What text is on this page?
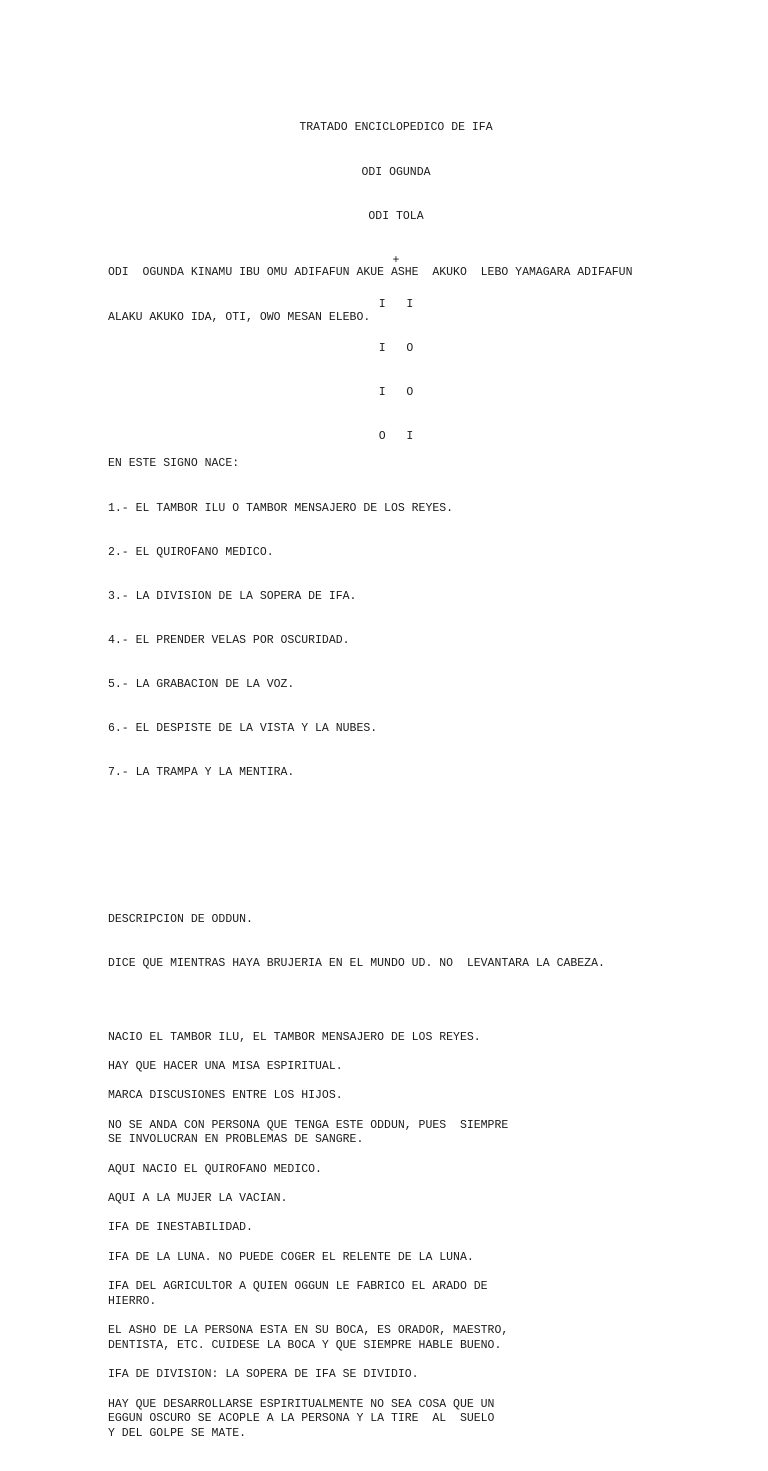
TRATADO ENCICLOPEDICO DE IFA

ODI OGUNDA

ODI TOLA

+

I   I

I   O

I   O

O   I

ODI  OGUNDA KINAMU IBU OMU ADIFAFUN AKUE ASHE  AKUKO  LEBO YAMAGARA ADIFAFUN

ALAKU AKUKO IDA, OTI, OWO MESAN ELEBO.

EN ESTE SIGNO NACE:

1.- EL TAMBOR ILU O TAMBOR MENSAJERO DE LOS REYES.

2.- EL QUIROFANO MEDICO.

3.- LA DIVISION DE LA SOPERA DE IFA.

4.- EL PRENDER VELAS POR OSCURIDAD.

5.- LA GRABACION DE LA VOZ.

6.- EL DESPISTE DE LA VISTA Y LA NUBES.

7.- LA TRAMPA Y LA MENTIRA.

DESCRIPCION DE ODDUN.

DICE QUE MIENTRAS HAYA BRUJERIA EN EL MUNDO UD. NO  LEVANTARA LA CABEZA.

NACIO EL TAMBOR ILU, EL TAMBOR MENSAJERO DE LOS REYES.
HAY QUE HACER UNA MISA ESPIRITUAL.
MARCA DISCUSIONES ENTRE LOS HIJOS.
NO SE ANDA CON PERSONA QUE TENGA ESTE ODDUN, PUES  SIEMPRE
SE INVOLUCRAN EN PROBLEMAS DE SANGRE.
AQUI NACIO EL QUIROFANO MEDICO.
AQUI A LA MUJER LA VACIAN.
IFA DE INESTABILIDAD.
IFA DE LA LUNA. NO PUEDE COGER EL RELENTE DE LA LUNA.
IFA DEL AGRICULTOR A QUIEN OGGUN LE FABRICO EL ARADO DE
HIERRO.
EL ASHO DE LA PERSONA ESTA EN SU BOCA, ES ORADOR, MAESTRO,
DENTISTA, ETC. CUIDESE LA BOCA Y QUE SIEMPRE HABLE BUENO.
IFA DE DIVISION: LA SOPERA DE IFA SE DIVIDIO.
HAY QUE DESARROLLARSE ESPIRITUALMENTE NO SEA COSA QUE UN
EGGUN OSCURO SE ACOPLE A LA PERSONA Y LA TIRE  AL  SUELO
Y DEL GOLPE SE MATE.
